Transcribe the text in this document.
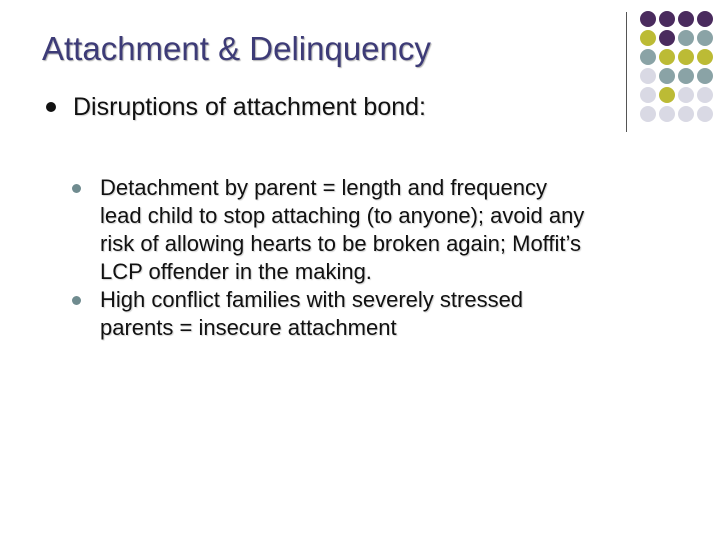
Attachment & Delinquency
Disruptions of attachment bond:
Detachment by parent = length and frequency
lead child to stop attaching (to anyone); avoid any
risk of allowing hearts to be broken again; Moffit’s
LCP offender in the making.
High conflict families with severely stressed
parents = insecure attachment
